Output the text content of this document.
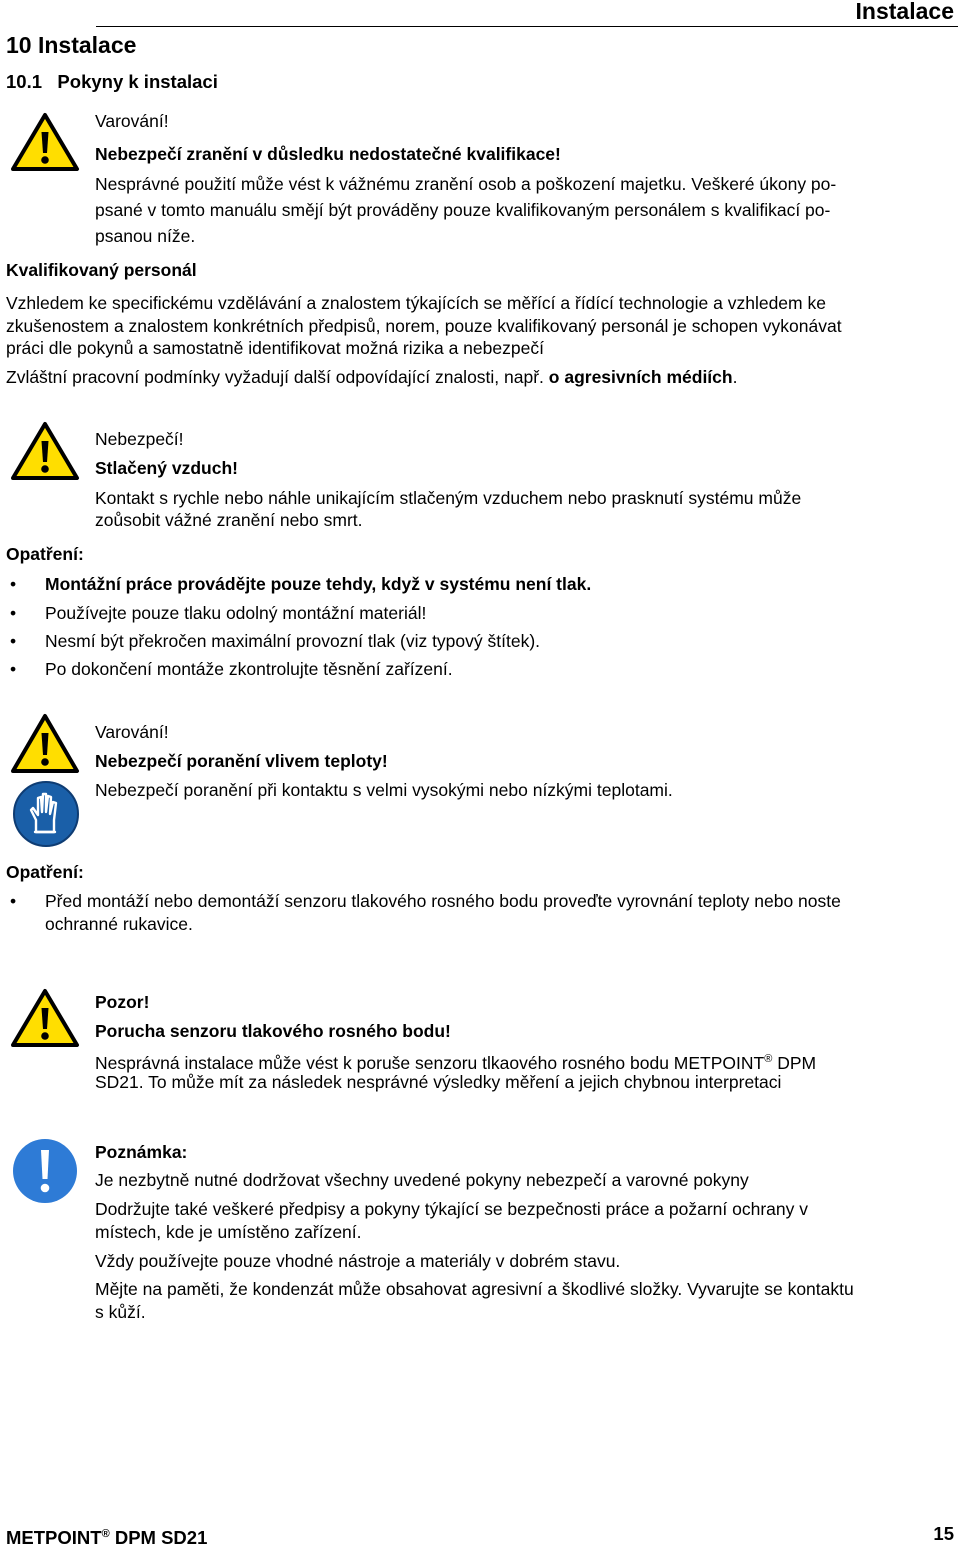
Instalace
10 Instalace
10.1   Pokyny k instalaci
Varování!
Nebezpečí zranění v důsledku nedostatečné kvalifikace!
Nesprávné použití může vést k vážnému zranění osob a poškození majetku. Veškeré úkony po-
psané v tomto manuálu smějí být prováděny pouze kvalifikovaným personálem s kvalifikací po-
psanou níže.
Kvalifikovaný personál
Vzhledem ke specifickému vzdělávání a znalostem týkajících se měřící a řídící technologie a vzhledem ke
zkušenostem a znalostem konkrétních předpisů, norem, pouze kvalifikovaný personál je schopen vykonávat
práci dle pokynů a samostatně identifikovat možná rizika a nebezpečí
Zvláštní pracovní podmínky vyžadují další odpovídající znalosti, např. o agresivních médiích.
Nebezpečí!
Stlačený vzduch!
Kontakt s rychle nebo náhle unikajícím stlačeným vzduchem nebo prasknutí systému může
zoůsobit vážné zranění nebo smrt.
Opatření:
• Montážní práce provádějte pouze tehdy, když v systému není tlak.
• Používejte pouze tlaku odolný montážní materiál!
• Nesmí být překročen maximální provozní tlak (viz typový štítek).
• Po dokončení montáže zkontrolujte těsnění zařízení.
Varování!
Nebezpečí poranění vlivem teploty!
Nebezpečí poranění při kontaktu s velmi vysokými nebo nízkými teplotami.
Opatření:
• Před montáží nebo demontáží senzoru tlakového rosného bodu proveďte vyrovnání teploty nebo noste
ochranné rukavice.
Pozor!
Porucha senzoru tlakového rosného bodu!
Nesprávná instalace může vést k poruše senzoru tlkaového rosného bodu METPOINT® DPM
SD21. To může mít za následek nesprávné výsledky měření a jejich chybnou interpretaci
Poznámka:
Je nezbytně nutné dodržovat všechny uvedené pokyny nebezpečí a varovné pokyny
Dodržujte také veškeré předpisy a pokyny týkající se bezpečnosti práce a požarní ochrany v
místech, kde je umístěno zařízení.
Vždy používejte pouze vhodné nástroje a materiály v dobrém stavu.
Mějte na paměti, že kondenzát může obsahovat agresivní a škodlivé složky. Vyvarujte se kontaktu
s kůží.
METPOINT® DPM SD21	15
